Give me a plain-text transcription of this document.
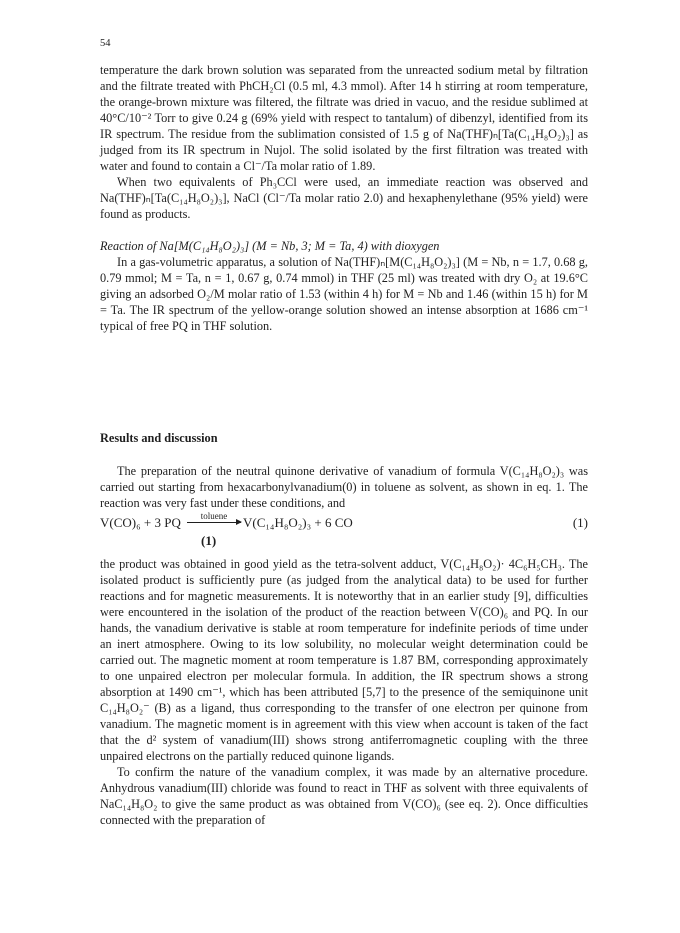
54

temperature the dark brown solution was separated from the unreacted sodium metal by filtration and the filtrate treated with PhCH₂Cl (0.5 ml, 4.3 mmol). After 14 h stirring at room temperature, the orange-brown mixture was filtered, the filtrate was dried in vacuo, and the residue sublimed at 40°C/10⁻² Torr to give 0.24 g (69% yield with respect to tantalum) of dibenzyl, identified from its IR spectrum. The residue from the sublimation consisted of 1.5 g of Na(THF)ₙ[Ta(C₁₄H₈O₂)₃] as judged from its IR spectrum in Nujol. The solid isolated by the first filtration was treated with water and found to contain a Cl⁻/Ta molar ratio of 1.89.

When two equivalents of Ph₃CCl were used, an immediate reaction was observed and Na(THF)ₙ[Ta(C₁₄H₈O₂)₃], NaCl (Cl⁻/Ta molar ratio 2.0) and hexaphenylethane (95% yield) were found as products.

Reaction of Na[M(C₁₄H₈O₂)₃] (M = Nb, 3; M = Ta, 4) with dioxygen

In a gas-volumetric apparatus, a solution of Na(THF)ₙ[M(C₁₄H₈O₂)₃] (M = Nb, n = 1.7, 0.68 g, 0.79 mmol; M = Ta, n = 1, 0.67 g, 0.74 mmol) in THF (25 ml) was treated with dry O₂ at 19.6°C giving an adsorbed O₂/M molar ratio of 1.53 (within 4 h) for M = Nb and 1.46 (within 15 h) for M = Ta. The IR spectrum of the yellow-orange solution showed an intense absorption at 1686 cm⁻¹ typical of free PQ in THF solution.

Results and discussion

The preparation of the neutral quinone derivative of vanadium of formula V(C₁₄H₈O₂)₃ was carried out starting from hexacarbonylvanadium(0) in toluene as solvent, as shown in eq. 1. The reaction was very fast under these conditions, and

V(CO)₆ + 3 PQ	toluene	V(C₁₄H₈O₂)₃ + 6 CO	(1)
(1)

the product was obtained in good yield as the tetra-solvent adduct, V(C₁₄H₈O₂)· 4C₆H₅CH₃. The isolated product is sufficiently pure (as judged from the analytical data) to be used for further reactions and for magnetic measurements. It is noteworthy that in an earlier study [9], difficulties were encountered in the isolation of the product of the reaction between V(CO)₆ and PQ. In our hands, the vanadium derivative is stable at room temperature for indefinite periods of time under an inert atmosphere. Owing to its low solubility, no molecular weight determination could be carried out. The magnetic moment at room temperature is 1.87 BM, corresponding approximately to one unpaired electron per molecular formula. In addition, the IR spectrum shows a strong absorption at 1490 cm⁻¹, which has been attributed [5,7] to the presence of the semiquinone unit C₁₄H₈O₂⁻ (B) as a ligand, thus corresponding to the transfer of one electron per quinone from vanadium. The magnetic moment is in agreement with this view when account is taken of the fact that the d² system of vanadium(III) shows strong antiferromagnetic coupling with the three unpaired electrons on the partially reduced quinone ligands.

To confirm the nature of the vanadium complex, it was made by an alternative procedure. Anhydrous vanadium(III) chloride was found to react in THF as solvent with three equivalents of NaC₁₄H₈O₂ to give the same product as was obtained from V(CO)₆ (see eq. 2). Once difficulties connected with the preparation of
